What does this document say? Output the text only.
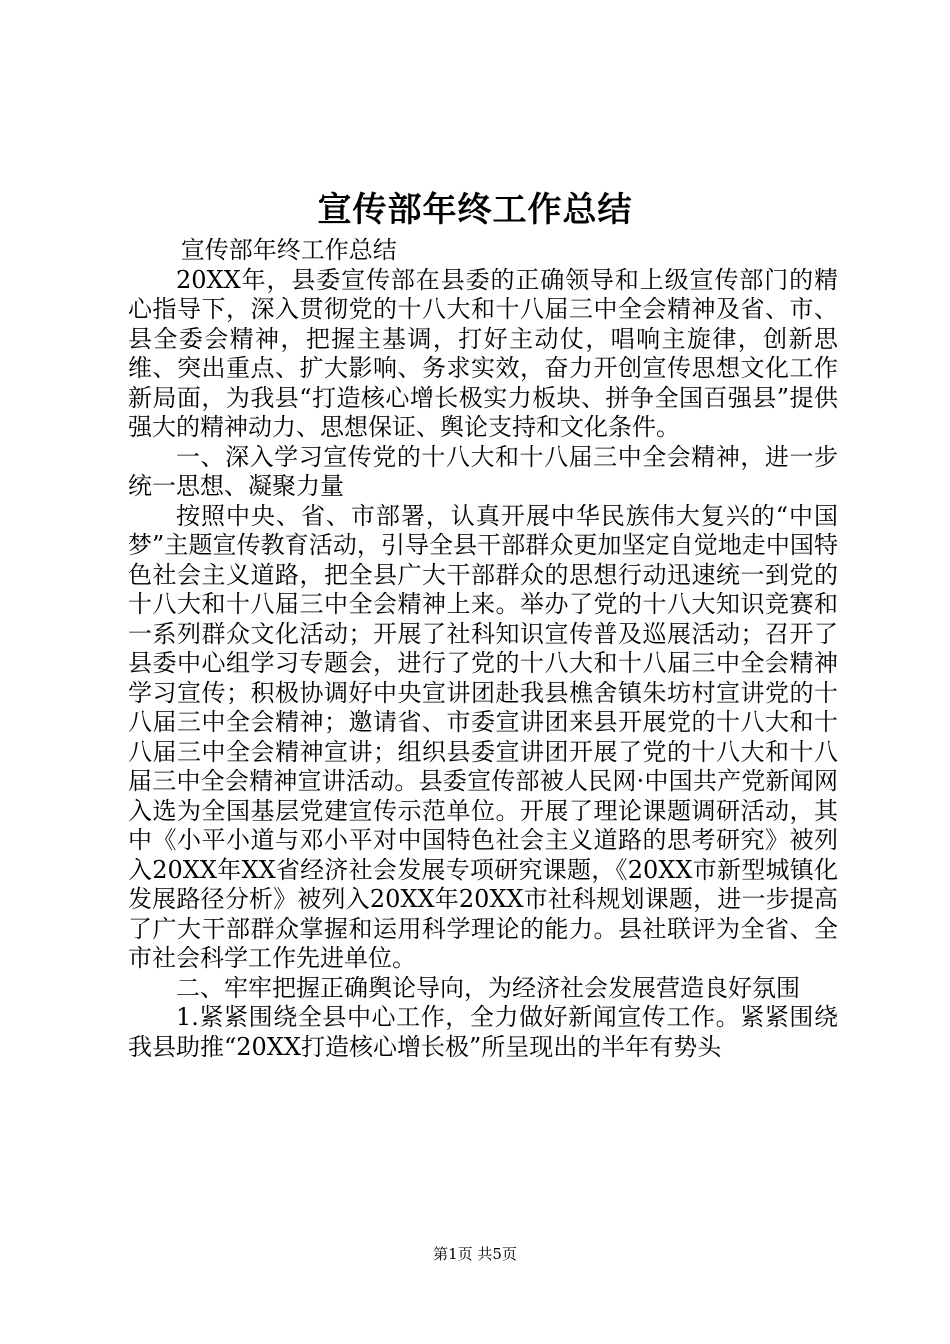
宣传部年终工作总结

宣传部年终工作总结

20XX年，县委宣传部在县委的正确领导和上级宣传部门的精心指导下，深入贯彻党的十八大和十八届三中全会精神及省、市、县全委会精神，把握主基调，打好主动仗，唱响主旋律，创新思维、突出重点、扩大影响、务求实效，奋力开创宣传思想文化工作新局面，为我县“打造核心增长极实力板块、拼争全国百强县”提供强大的精神动力、思想保证、舆论支持和文化条件。

一、深入学习宣传党的十八大和十八届三中全会精神，进一步统一思想、凝聚力量

按照中央、省、市部署，认真开展中华民族伟大复兴的“中国梦”主题宣传教育活动，引导全县干部群众更加坚定自觉地走中国特色社会主义道路，把全县广大干部群众的思想行动迅速统一到党的十八大和十八届三中全会精神上来。举办了党的十八大知识竞赛和一系列群众文化活动；开展了社科知识宣传普及巡展活动；召开了县委中心组学习专题会，进行了党的十八大和十八届三中全会精神学习宣传；积极协调好中央宣讲团赴我县樵舍镇朱坊村宣讲党的十八届三中全会精神；邀请省、市委宣讲团来县开展党的十八大和十八届三中全会精神宣讲；组织县委宣讲团开展了党的十八大和十八届三中全会精神宣讲活动。县委宣传部被人民网·中国共产党新闻网入选为全国基层党建宣传示范单位。开展了理论课题调研活动，其中《小平小道与邓小平对中国特色社会主义道路的思考研究》被列入20XX年XX省经济社会发展专项研究课题，《20XX市新型城镇化发展路径分析》被列入20XX年20XX市社科规划课题，进一步提高了广大干部群众掌握和运用科学理论的能力。县社联评为全省、全市社会科学工作先进单位。

二、牢牢把握正确舆论导向，为经济社会发展营造良好氛围

1.紧紧围绕全县中心工作，全力做好新闻宣传工作。紧紧围绕我县助推“20XX打造核心增长极”所呈现出的半年有势头

第1页 共5页
